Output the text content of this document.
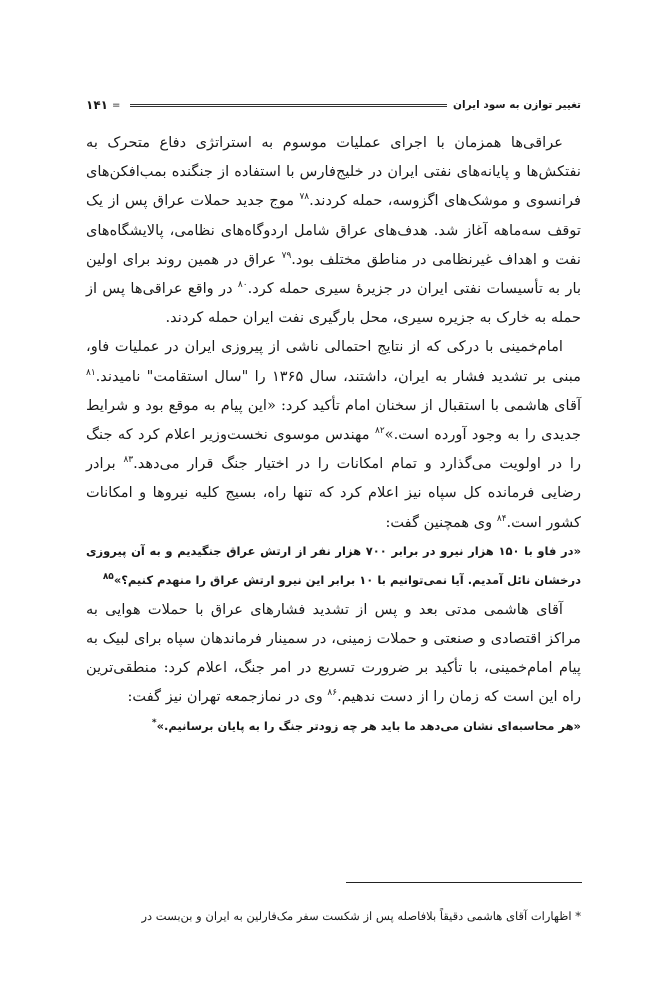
تغییر توازن به سود ایران
=
۱۴۱

عراقی‌ها همزمان با اجرای عملیات موسوم به استراتژی دفاع متحرک به نفتکش‌ها و پایانه‌های نفتی ایران در خلیج‌فارس با استفاده از جنگنده بمب‌افکن‌های فرانسوی و موشک‌های اگزوسه، حمله کردند.$^{۷۸}$ موج جدید حملات عراق پس از یک توقف سه‌ماهه آغاز شد. هدف‌های عراق شامل اردوگاه‌های نظامی، پالایشگاه‌های نفت و اهداف غیرنظامی در مناطق مختلف بود.$^{۷۹}$ عراق در همین روند برای اولین بار به تأسیسات نفتی ایران در جزیرهٔ سیری حمله کرد.$^{۸۰}$ در واقع عراقی‌ها پس از حمله به خارک به جزیره سیری، محل بارگیری نفت ایران حمله کردند.

امام‌خمینی با درکی که از نتایج احتمالی ناشی از پیروزی ایران در عملیات فاو، مبنی بر تشدید فشار به ایران، داشتند، سال ۱۳۶۵ را "سال استقامت" نامیدند.$^{۸۱}$ آقای هاشمی با استقبال از سخنان امام تأکید کرد: «این پیام به موقع بود و شرایط جدیدی را به وجود آورده است.»$^{۸۲}$ مهندس موسوی نخست‌وزیر اعلام کرد که جنگ را در اولویت می‌گذارد و تمام امکانات را در اختیار جنگ قرار می‌دهد.$^{۸۳}$ برادر رضایی فرمانده کل سپاه نیز اعلام کرد که تنها راه، بسیج کلیه نیروها و امکانات کشور است.$^{۸۴}$ وی همچنین گفت:

«در فاو با ۱۵۰ هزار نیرو در برابر ۷۰۰ هزار نفر از ارتش عراق جنگیدیم و به آن پیروزی درخشان نائل آمدیم. آیا نمی‌توانیم با ۱۰ برابر این نیرو ارتش عراق را منهدم کنیم؟»$^{۸۵}$

آقای هاشمی مدتی بعد و پس از تشدید فشارهای عراق با حملات هوایی به مراکز اقتصادی و صنعتی و حملات زمینی، در سمینار فرماندهان سپاه برای لبیک به پیام امام‌خمینی، با تأکید بر ضرورت تسریع در امر جنگ، اعلام کرد: منطقی‌ترین راه این است که زمان را از دست ندهیم.$^{۸۶}$ وی در نمازجمعه تهران نیز گفت:

«هر محاسبه‌ای نشان می‌دهد ما باید هر چه زودتر جنگ را به پایان برسانیم.»*

* اظهارات آقای هاشمی دقیقاً بلافاصله پس از شکست سفر مک‌فارلین به ایران و بن‌بست در
